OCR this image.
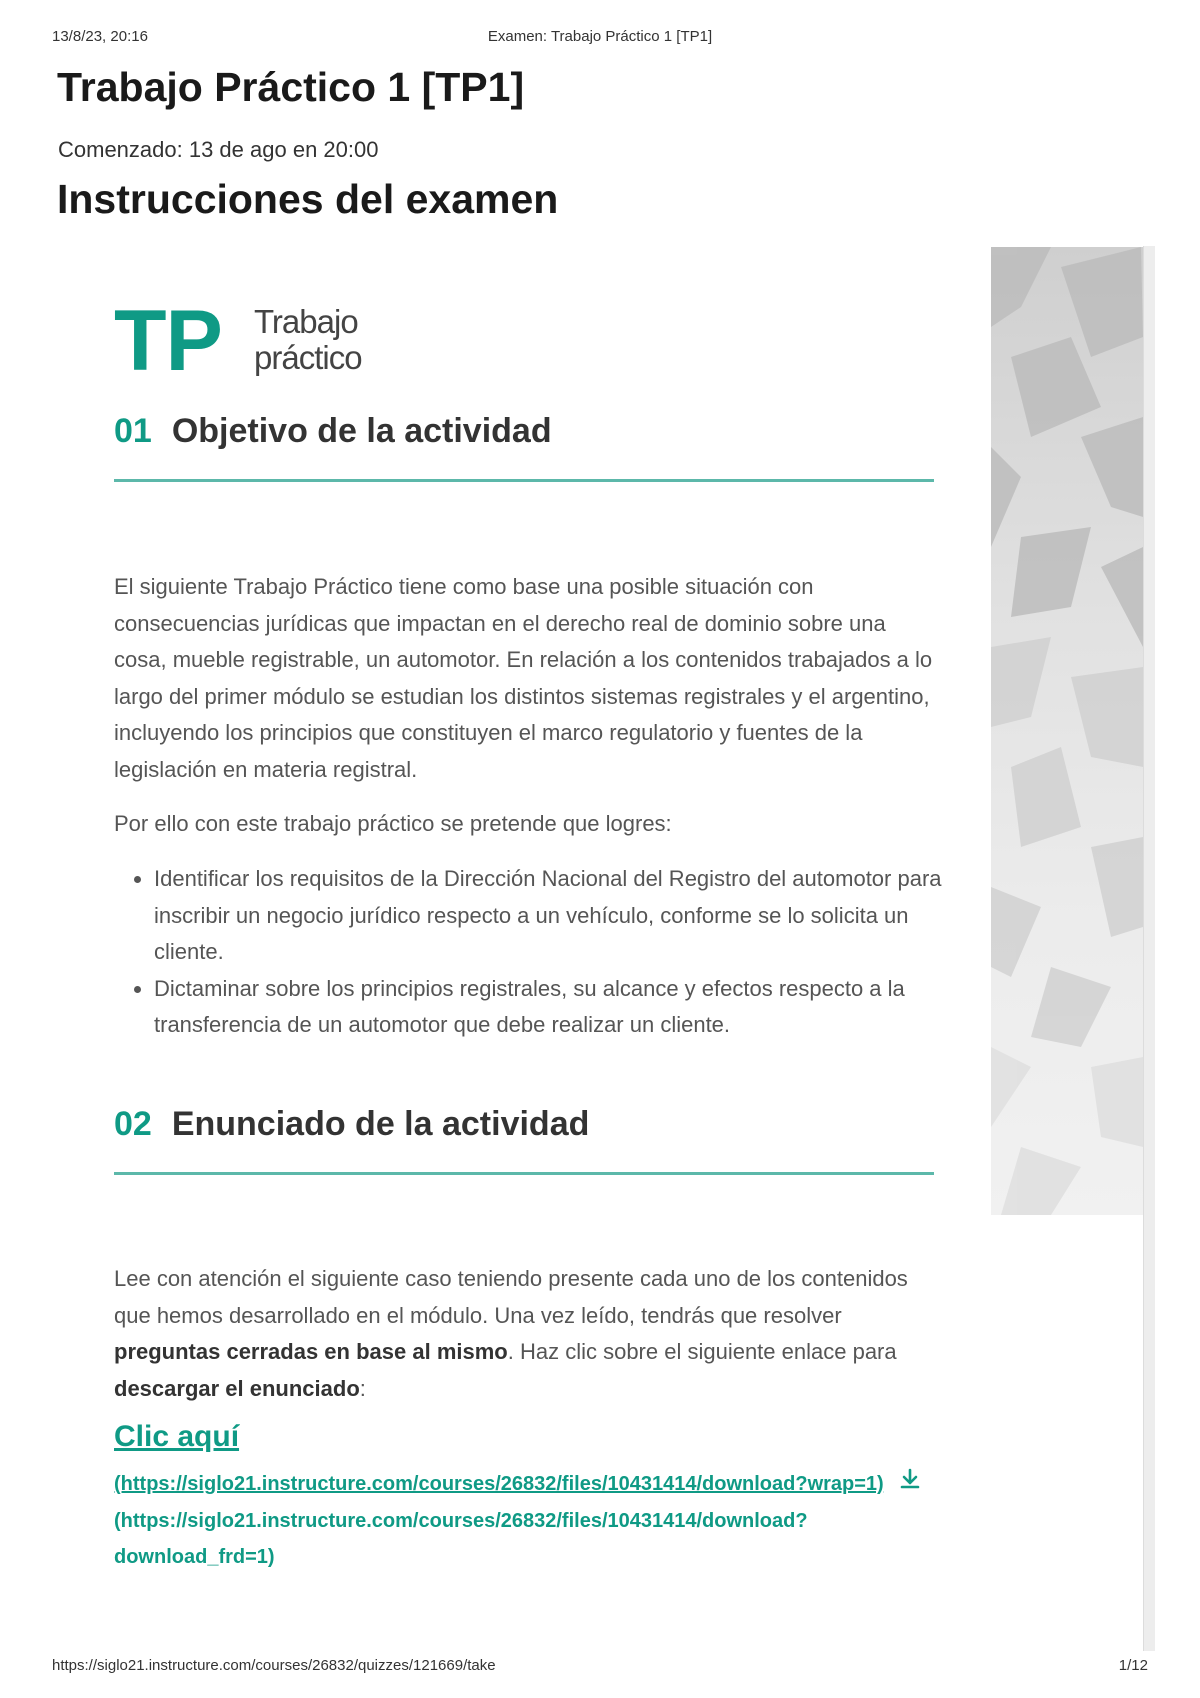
13/8/23, 20:16	Examen: Trabajo Práctico 1 [TP1]
Trabajo Práctico 1 [TP1]
Comenzado: 13 de ago en 20:00
Instrucciones del examen
TP Trabajo
práctico
01 Objetivo de la actividad

El siguiente Trabajo Práctico tiene como base una posible situación con consecuencias jurídicas que impactan en el derecho real de dominio sobre una cosa, mueble registrable, un automotor. En relación a los contenidos trabajados a lo largo del primer módulo se estudian los distintos sistemas registrales y el argentino, incluyendo los principios que constituyen el marco regulatorio y fuentes de la legislación en materia registral.

Por ello con este trabajo práctico se pretende que logres:

• Identificar los requisitos de la Dirección Nacional del Registro del automotor para inscribir un negocio jurídico respecto a un vehículo, conforme se lo solicita un cliente.
• Dictaminar sobre los principios registrales, su alcance y efectos respecto a la transferencia de un automotor que debe realizar un cliente.
02 Enunciado de la actividad

Lee con atención el siguiente caso teniendo presente cada uno de los contenidos que hemos desarrollado en el módulo. Una vez leído, tendrás que resolver preguntas cerradas en base al mismo. Haz clic sobre el siguiente enlace para descargar el enunciado:

Clic aquí
(https://siglo21.instructure.com/courses/26832/files/10431414/download?wrap=1)
(https://siglo21.instructure.com/courses/26832/files/10431414/download?download_frd=1)
https://siglo21.instructure.com/courses/26832/quizzes/121669/take	1/12
